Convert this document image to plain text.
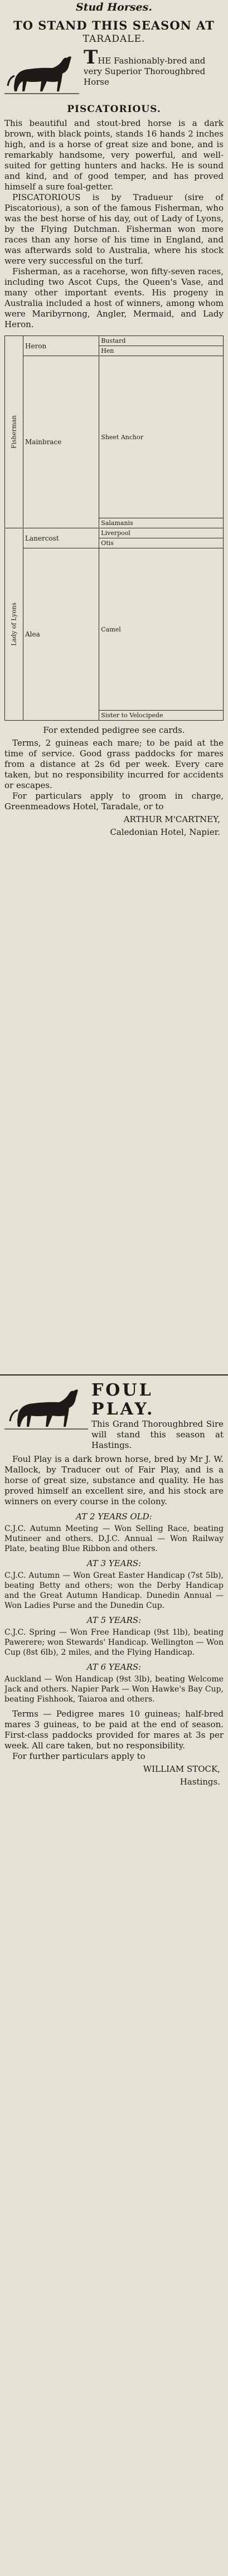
Stud Horses.
TO STAND THIS SEASON AT
TARADALE.
THE Fashionably-bred and very Superior Thoroughbred Horse
PISCATORIOUS.

This beautiful and stout-bred horse is a dark brown, with black points, stands 16 hands 2 inches high, and is a horse of great size and bone, and is remarkably handsome, very powerful, and well-suited for getting hunters and hacks. He is sound and kind, and of good temper, and has proved himself a sure foal-getter.

PISCATORIOUS is by Tradueur (sire of Piscatorious), a son of the famous Fisherman, who was the best horse of his day, out of Lady of Lyons, by the Flying Dutchman. Fisherman won more races than any horse of his time in England, and was afterwards sold to Australia, where his stock were very successful on the turf.

Fisherman, as a racehorse, won fifty-seven races, including two Ascot Cups, the Queen's Vase, and many other important events. His progeny in Australia included a host of winners, among whom were Maribyrnong, Angler, Mermaid, and Lady Heron.

Fisherman	Heron	Bustard
		Hen
	Mainbrace	Sheet Anchor
		Salamanis

Lady of Lyons	Lanercost	Liverpool
		Otis
	Alea	Camel
		Sister to Velocipede

For extended pedigree see cards.

Terms, 2 guineas each mare; to be paid at the time of service. Good grass paddocks for mares from a distance at 2s 6d per week. Every care taken, but no responsibility incurred for accidents or escapes.

For particulars apply to groom in charge, Greenmeadows Hotel, Taradale, or to

ARTHUR M'CARTNEY,
Caledonian Hotel, Napier.
FOUL PLAY.
This Grand Thoroughbred Sire will stand this season at Hastings.

Foul Play is a dark brown horse, bred by Mr J. W. Mallock, by Traducer out of Fair Play, and is a horse of great size, substance and quality. He has proved himself an excellent sire, and his stock are winners on every course in the colony.

AT 2 YEARS OLD:

C.J.C. Autumn Meeting — Won Selling Race, beating Mutineer and others. D.J.C. Annual — Won Railway Plate, beating Blue Ribbon and others.

AT 3 YEARS:

C.J.C. Autumn — Won Great Easter Handicap (7st 5lb), beating Betty and others; won the Derby Handicap and the Great Autumn Handicap. Dunedin Annual — Won Ladies Purse and the Dunedin Cup.

AT 5 YEARS:

C.J.C. Spring — Won Free Handicap (9st 1lb), beating Pawerere; won Stewards' Handicap. Wellington — Won Cup (8st 6lb), 2 miles, and the Flying Handicap.

AT 6 YEARS:

Auckland — Won Handicap (9st 3lb), beating Welcome Jack and others. Napier Park — Won Hawke's Bay Cup, beating Fishhook, Taiaroa and others.

Terms — Pedigree mares 10 guineas; half-bred mares 3 guineas, to be paid at the end of season. First-class paddocks provided for mares at 3s per week. All care taken, but no responsibility.

For further particulars apply to

WILLIAM STOCK,
Hastings.
